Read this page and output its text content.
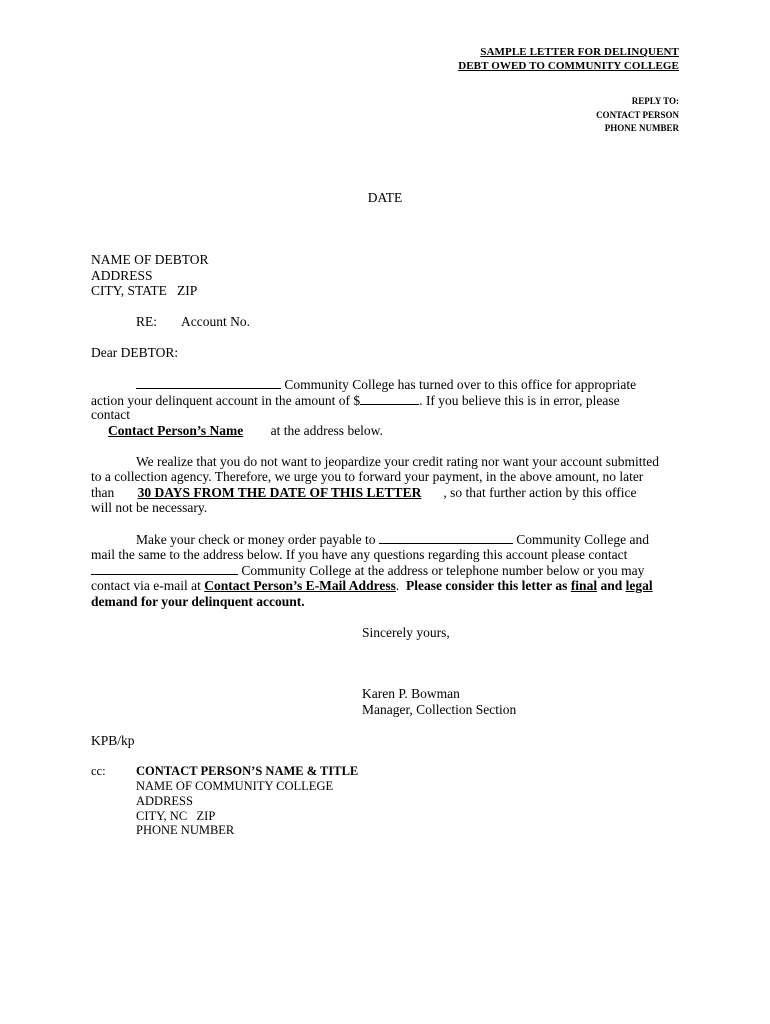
SAMPLE LETTER FOR DELINQUENT
DEBT OWED TO COMMUNITY COLLEGE
REPLY TO:
CONTACT PERSON
PHONE NUMBER
DATE
NAME OF DEBTOR
ADDRESS
CITY, STATE   ZIP
RE: Account No.
Dear DEBTOR:
Community College has turned over to this office for appropriate
action your delinquent account in the amount of $	. If you believe this is in error, please
contact
Contact Person’s Name at the address below.
We realize that you do not want to jeopardize your credit rating nor want your account submitted
to a collection agency. Therefore, we urge you to forward your payment, in the above amount, no later
than 30 DAYS FROM THE DATE OF THIS LETTER , so that further action by this office
will not be necessary.
Make your check or money order payable to	Community College and
mail the same to the address below. If you have any questions regarding this account please contact
Community College at the address or telephone number below or you may
contact via e-mail at Contact Person’s E-Mail Address.  Please consider this letter as final and legal
demand for your delinquent account.
Sincerely yours,
Karen P. Bowman
Manager, Collection Section
KPB/kp
cc: CONTACT PERSON’S NAME & TITLE
NAME OF COMMUNITY COLLEGE
ADDRESS
CITY, NC   ZIP
PHONE NUMBER
